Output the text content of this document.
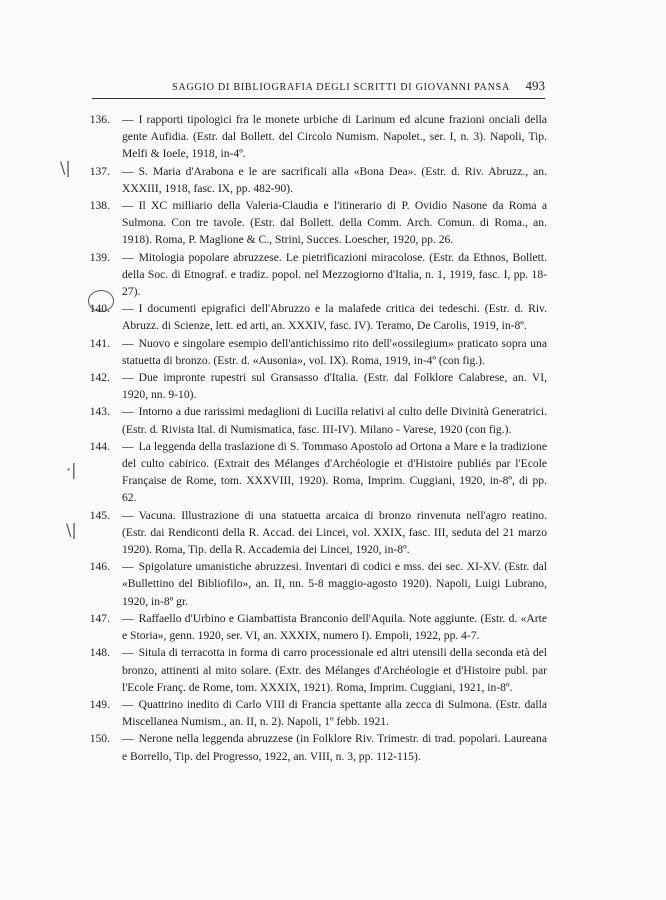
SAGGIO DI BIBLIOGRAFIA DEGLI SCRITTI DI GIOVANNI PANSA 493
\|
·|
\|
136. — I rapporti tipologici fra le monete urbiche di Larinum ed alcune frazioni onciali della gente Aufidia. (Estr. dal Bollett. del Circolo Numism. Napolet., ser. I, n. 3). Napoli, Tip. Melfi & Ioele, 1918, in-4º.
137. — S. Maria d'Arabona e le are sacrificali alla «Bona Dea». (Estr. d. Riv. Abruzz., an. XXXIII, 1918, fasc. IX, pp. 482-90).
138. — Il XC milliario della Valeria-Claudia e l'itinerario di P. Ovidio Nasone da Roma a Sulmona. Con tre tavole. (Estr. dal Bollett. della Comm. Arch. Comun. di Roma., an. 1918). Roma, P. Maglione & C., Strini, Succes. Loescher, 1920, pp. 26.
139. — Mitologia popolare abruzzese. Le pietrificazioni miracolose. (Estr. da Ethnos, Bollett. della Soc. di Etnograf. e tradiz. popol. nel Mezzogiorno d'Italia, n. 1, 1919, fasc. I, pp. 18-27).
140. — I documenti epigrafici dell'Abruzzo e la malafede critica dei tedeschi. (Estr. d. Riv. Abruzz. di Scienze, lett. ed arti, an. XXXIV, fasc. IV). Teramo, De Carolis, 1919, in-8º.
141. — Nuovo e singolare esempio dell'antichissimo rito dell'«ossilegium» praticato sopra una statuetta di bronzo. (Estr. d. «Ausonia», vol. IX). Roma, 1919, in-4º (con fig.).
142. — Due impronte rupestri sul Gransasso d'Italia. (Estr. dal Folklore Calabrese, an. VI, 1920, nn. 9-10).
143. — Intorno a due rarissimi medaglioni di Lucilla relativi al culto delle Divinità Generatrici. (Estr. d. Rivista Ital. di Numismatica, fasc. III-IV). Milano - Varese, 1920 (con fig.).
144. — La leggenda della traslazione di S. Tommaso Apostolo ad Ortona a Mare e la tradizione del culto cabirico. (Extrait des Mélanges d'Archéologie et d'Histoire publiés par l'Ecole Française de Rome, tom. XXXVIII, 1920). Roma, Imprim. Cuggiani, 1920, in-8º, di pp. 62.
145. — Vacuna. Illustrazione di una statuetta arcaica di bronzo rinvenuta nell'agro reatino. (Estr. dai Rendiconti della R. Accad. dei Lincei, vol. XXIX, fasc. III, seduta del 21 marzo 1920). Roma, Tip. della R. Accademia dei Lincei, 1920, in-8º.
146. — Spigolature umanistiche abruzzesi. Inventari di codici e mss. dei sec. XI-XV. (Estr. dal «Bullettino del Bibliofilo», an. II, nn. 5-8 maggio-agosto 1920). Napoli, Luigi Lubrano, 1920, in-8º gr.
147. — Raffaello d'Urbino e Giambattista Branconio dell'Aquila. Note aggiunte. (Estr. d. «Arte e Storia», genn. 1920, ser. VI, an. XXXIX, numero I). Empoli, 1922, pp. 4-7.
148. — Situla di terracotta in forma di carro processionale ed altri utensili della seconda età del bronzo, attinenti al mito solare. (Extr. des Mélanges d'Archéologie et d'Histoire publ. par l'Ecole Franç. de Rome, tom. XXXIX, 1921). Roma, Imprim. Cuggiani, 1921, in-8º.
149. — Quattrino inedito di Carlo VIII di Francia spettante alla zecca di Sulmona. (Estr. dalla Miscellanea Numism., an. II, n. 2). Napoli, 1º febb. 1921.
150. — Nerone nella leggenda abruzzese (in Folklore Riv. Trimestr. di trad. popolari. Laureana e Borrello, Tip. del Progresso, 1922, an. VIII, n. 3, pp. 112-115).
